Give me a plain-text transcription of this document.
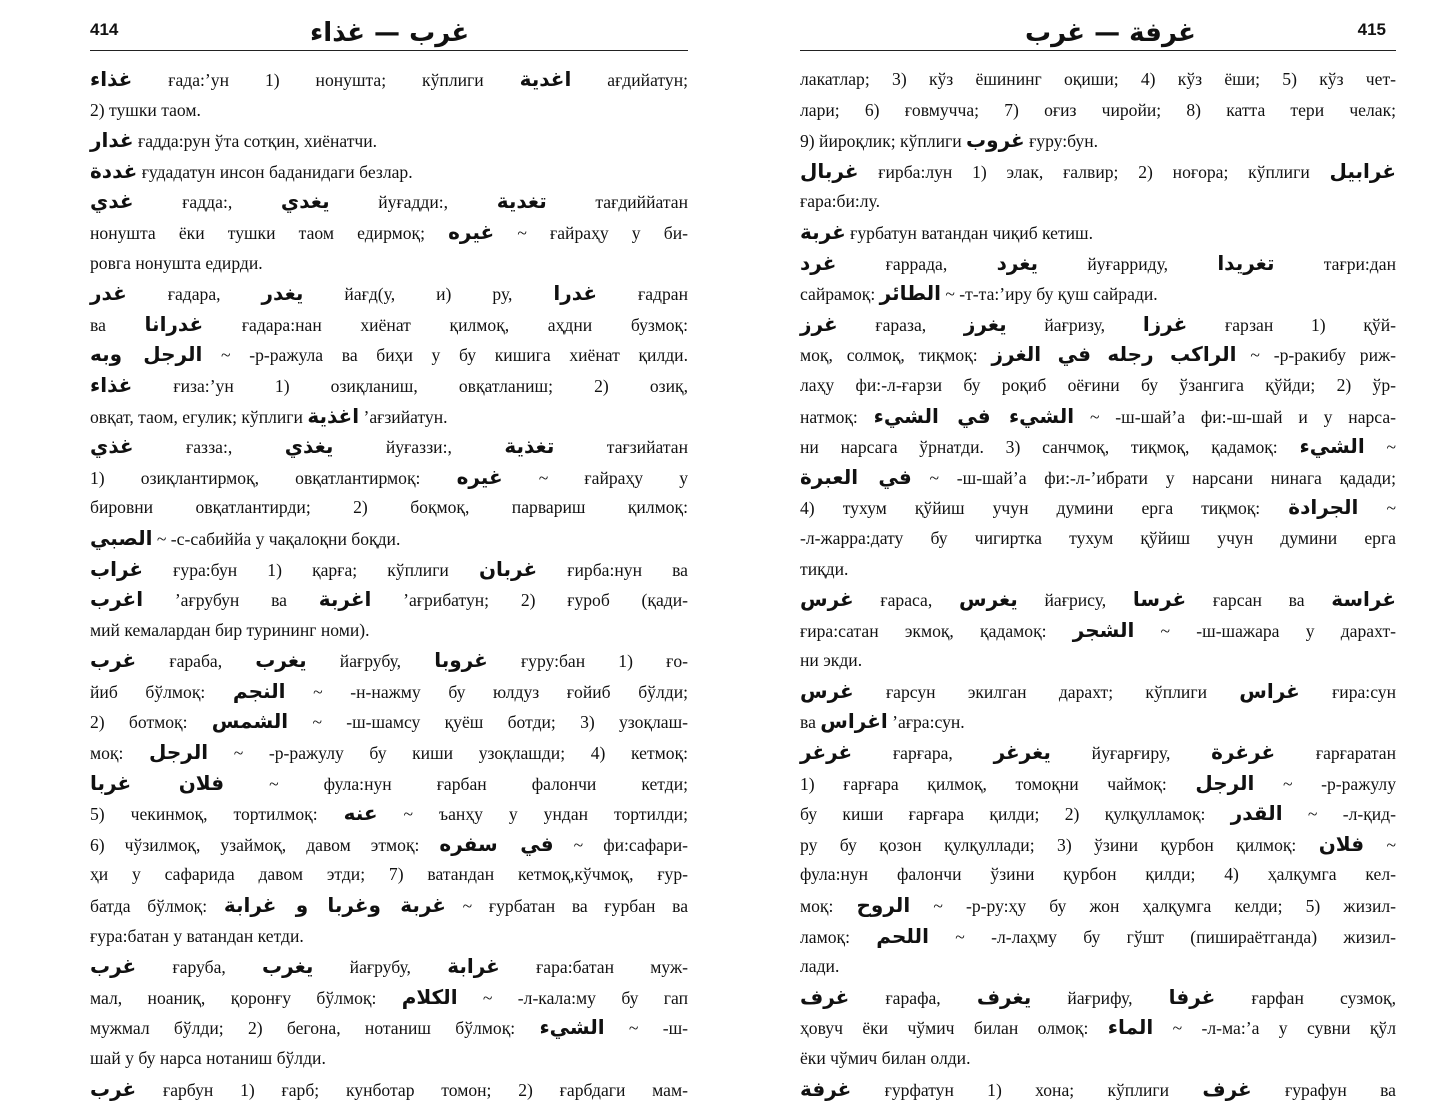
414	غرب — غذاء
غذاء ғада:’ун 1) нонушта; кўплиги اغدية ағдийатун;
2) тушки таом.
غدار ғадда:рун ўта сотқин, хиёнатчи.
غددة ғудадатун инсон баданидаги безлар.
غدي ғадда:, يغدي йуғадди:, تغدية тағдиййатан
нонушта ёки тушки таом едирмоқ; غيره ~ ғайраҳу у би-
ровга нонушта едирди.
غدر ғадара, يغدر йағд(у, и) ру, غدرا ғадран
ва غدرانا ғадара:нан хиёнат қилмоқ, аҳдни бузмоқ:
الرجل وبه ~ -р-ражула ва биҳи у бу кишига хиёнат қилди.
غذاء ғиза:’ун 1) озиқланиш, овқатланиш; 2) озиқ,
овқат, таом, егулик; кўплиги اغذية ’ағзийатун.
غذي ғазза:, يغذي йуғаззи:, تغذية тағзийатан
1) озиқлантирмоқ, овқатлантирмоқ: غيره ~ ғайраҳу у
бировни овқатлантирди; 2) боқмоқ, парвариш қилмоқ:
الصبي ~ -с-сабиййа у чақалоқни боқди.
غراب ғура:бун 1) қарға; кўплиги غربان ғирба:нун ва
اغرب ’ағрубун ва اغربة ’ағрибатун; 2) ғуроб (қади-
мий кемалардан бир турининг номи).
غرب ғараба, يغرب йағрубу, غروبا ғуру:бан 1) ғо-
йиб бўлмоқ: النجم ~ -н-нажму бу юлдуз ғойиб бўлди;
2) ботмоқ: الشمس ~ -ш-шамсу қуёш ботди; 3) узоқлаш-
моқ: الرجل ~ -р-ражулу бу киши узоқлашди; 4) кетмоқ:
فلان غربا ~ фула:нун ғарбан фалончи кетди;
5) чекинмоқ, тортилмоқ: عنه ~ ъанҳу у ундан тортилди;
6) чўзилмоқ, узаймоқ, давом этмоқ: في سفره ~ фи:сафари-
ҳи у сафарида давом этди; 7) ватандан кетмоқ,кўчмоқ, ғур-
батда бўлмоқ: غربة وغربا و غرابة ~ ғурбатан ва ғурбан ва
ғура:батан у ватандан кетди.
غرب ғаруба, يغرب йағрубу, غرابة ғара:батан муж-
мал, ноаниқ, қоронғу бўлмоқ: الكلام ~ -л-кала:му бу гап
мужмал бўлди; 2) бегона, нотаниш бўлмоқ: الشيء ~ -ш-
шай у бу нарса нотаниш бўлди.
غرب ғарбун 1) ғарб; кунботар томон; 2) ғарбдаги мам-
415
غرفة — غرب
лакатлар; 3) кўз ёшининг оқиши; 4) кўз ёши; 5) кўз чет-
лари; 6) ғовмучча; 7) оғиз чиройи; 8) катта тери челак;
9) йироқлик; кўплиги غروب ғуру:бун.
غربال ғирба:лун 1) элак, ғалвир; 2) ноғора; кўплиги غرابيل
ғара:би:лу.
غربة ғурбатун ватандан чиқиб кетиш.
غرد ғаррада, يغرد йуғарриду, تغريدا тағри:дан
сайрамоқ: الطائر ~ -т-та:’иру бу қуш сайради.
غرز ғараза, يغرز йағризу, غرزا ғарзан 1) қўй-
моқ, солмоқ, тиқмоқ: الراكب رجله في الغرز ~ -р-ракибу риж-
лаҳу фи:-л-ғарзи бу роқиб оёғини бу ўзангига қўйди; 2) ўр-
натмоқ: الشيء في الشيء ~ -ш-шай’а фи:-ш-шай и у нарса-
ни нарсага ўрнатди. 3) санчмоқ, тиқмоқ, қадамоқ: الشيء ~
في العبرة ~ -ш-шай’а фи:-л-’ибрати у нарсани нинага қадади;
4) тухум қўйиш учун думини ерга тиқмоқ: الجرادة ~
-л-жарра:дату бу чигиртка тухум қўйиш учун думини ерга
тиқди.
غرس ғараса, يغرس йағрису, غرسا ғарсан ва غراسة
ғира:сатан экмоқ, қадамоқ: الشجر ~ -ш-шажара у дарахт-
ни экди.
غرس ғарсун экилган дарахт; кўплиги غراس ғира:сун
ва اغراس ’ағра:сун.
غرغر ғарғара, يغرغر йуғарғиру, غرغرة ғарғаратан
1) ғарғара қилмоқ, томоқни чаймоқ: الرجل ~ -р-ражулу
бу киши ғарғара қилди; 2) қулқулламоқ: القدر ~ -л-қид-
ру бу қозон қулқуллади; 3) ўзини қурбон қилмоқ: فلان ~
фула:нун фалончи ўзини қурбон қилди; 4) ҳалқумга кел-
моқ: الروح ~ -р-ру:ҳу бу жон ҳалқумга келди; 5) жизил-
ламоқ: اللحم ~ -л-лаҳму бу гўшт (пишираётганда) жизил-
лади.
غرف ғарафа, يغرف йағрифу, غرفا ғарфан сузмоқ,
ҳовуч ёки чўмич билан олмоқ: الماء ~ -л-ма:’а у сувни қўл
ёки чўмич билан олди.
غرفة ғурфатун 1) хона; кўплиги غرف ғурафун ва
